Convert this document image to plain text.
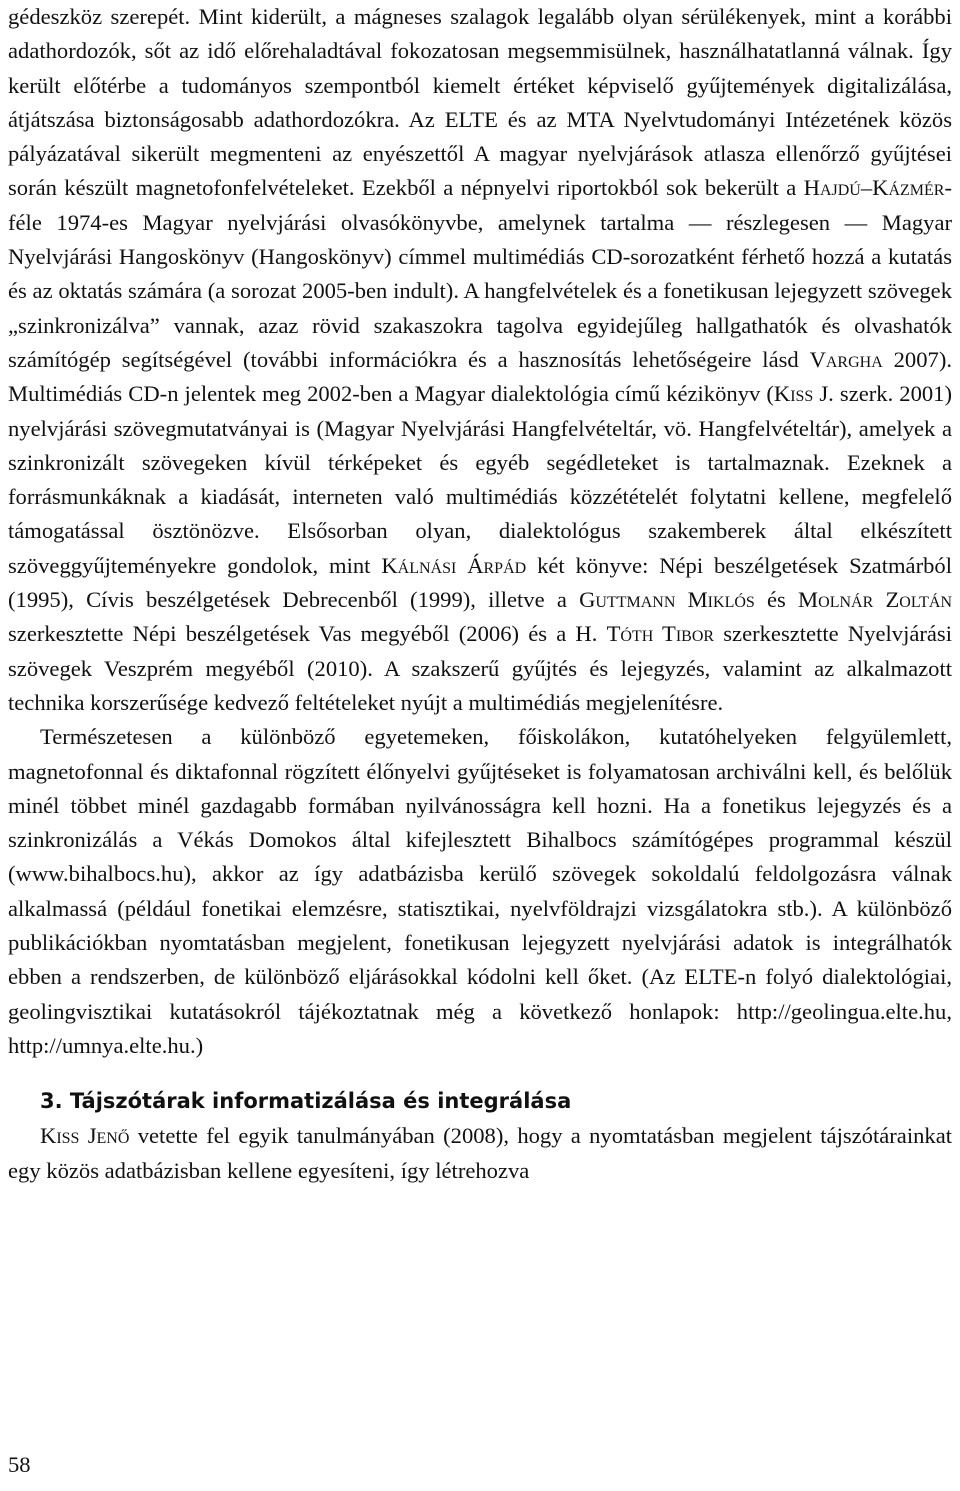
gédeszköz szerepét. Mint kiderült, a mágneses szalagok legalább olyan sérülékenyek, mint a korábbi adathordozók, sőt az idő előrehaladtával fokozatosan megsemmisülnek, használhatatlanná válnak. Így került előtérbe a tudományos szempontból kiemelt értéket képviselő gyűjtemények digitalizálása, átjátszása biztonságosabb adathordozókra. Az ELTE és az MTA Nyelvtudományi Intézetének közös pályázatával sikerült megmenteni az enyészettől A magyar nyelvjárások atlasza ellenőrző gyűjtései során készült magnetofonfelvételeket. Ezekből a népnyelvi riportokból sok bekerült a Hajdú–Kázmér-féle 1974-es Magyar nyelvjárási olvasókönyvbe, amelynek tartalma — részlegesen — Magyar Nyelvjárási Hangoskönyv (Hangoskönyv) címmel multimédiás CD-sorozatként férhető hozzá a kutatás és az oktatás számára (a sorozat 2005-ben indult). A hangfelvételek és a fonetikusan lejegyzett szövegek „szinkronizálva” vannak, azaz rövid szakaszokra tagolva egyidejűleg hallgathatók és olvashatók számítógép segítségével (további információkra és a hasznosítás lehetőségeire lásd Vargha 2007). Multimédiás CD-n jelentek meg 2002-ben a Magyar dialektológia című kézikönyv (Kiss J. szerk. 2001) nyelvjárási szövegmutatványai is (Magyar Nyelvjárási Hangfelvételtár, vö. Hangfelvételtár), amelyek a szinkronizált szövegeken kívül térképeket és egyéb segédleteket is tartalmaznak. Ezeknek a forrásmunkáknak a kiadását, interneten való multimédiás közzétételét folytatni kellene, megfelelő támogatással ösztönözve. Elsősorban olyan, dialektológus szakemberek által elkészített szöveggyűjteményekre gondolok, mint Kálnási Árpád két könyve: Népi beszélgetések Szatmárból (1995), Cívis beszélgetések Debrecenből (1999), illetve a Guttmann Miklós és Molnár Zoltán szerkesztette Népi beszélgetések Vas megyéből (2006) és a H. Tóth Tibor szerkesztette Nyelvjárási szövegek Veszprém megyéből (2010). A szakszerű gyűjtés és lejegyzés, valamint az alkalmazott technika korszerűsége kedvező feltételeket nyújt a multimédiás megjelenítésre.

Természetesen a különböző egyetemeken, főiskolákon, kutatóhelyeken felgyülemlett, magnetofonnal és diktafonnal rögzített élőnyelvi gyűjtéseket is folyamatosan archiválni kell, és belőlük minél többet minél gazdagabb formában nyilvánosságra kell hozni. Ha a fonetikus lejegyzés és a szinkronizálás a Vékás Domokos által kifejlesztett Bihalbocs számítógépes programmal készül (www.bihalbocs.hu), akkor az így adatbázisba kerülő szövegek sokoldalú feldolgozásra válnak alkalmassá (például fonetikai elemzésre, statisztikai, nyelvföldrajzi vizsgálatokra stb.). A különböző publikációkban nyomtatásban megjelent, fonetikusan lejegyzett nyelvjárási adatok is integrálhatók ebben a rendszerben, de különböző eljárásokkal kódolni kell őket. (Az ELTE-n folyó dialektológiai, geolingvisztikai kutatásokról tájékoztatnak még a következő honlapok: http://geolingua.elte.hu, http://umnya.elte.hu.)

3. Tájszótárak informatizálása és integrálása

Kiss Jenő vetette fel egyik tanulmányában (2008), hogy a nyomtatásban megjelent tájszótárainkat egy közös adatbázisban kellene egyesíteni, így létrehozva

58
